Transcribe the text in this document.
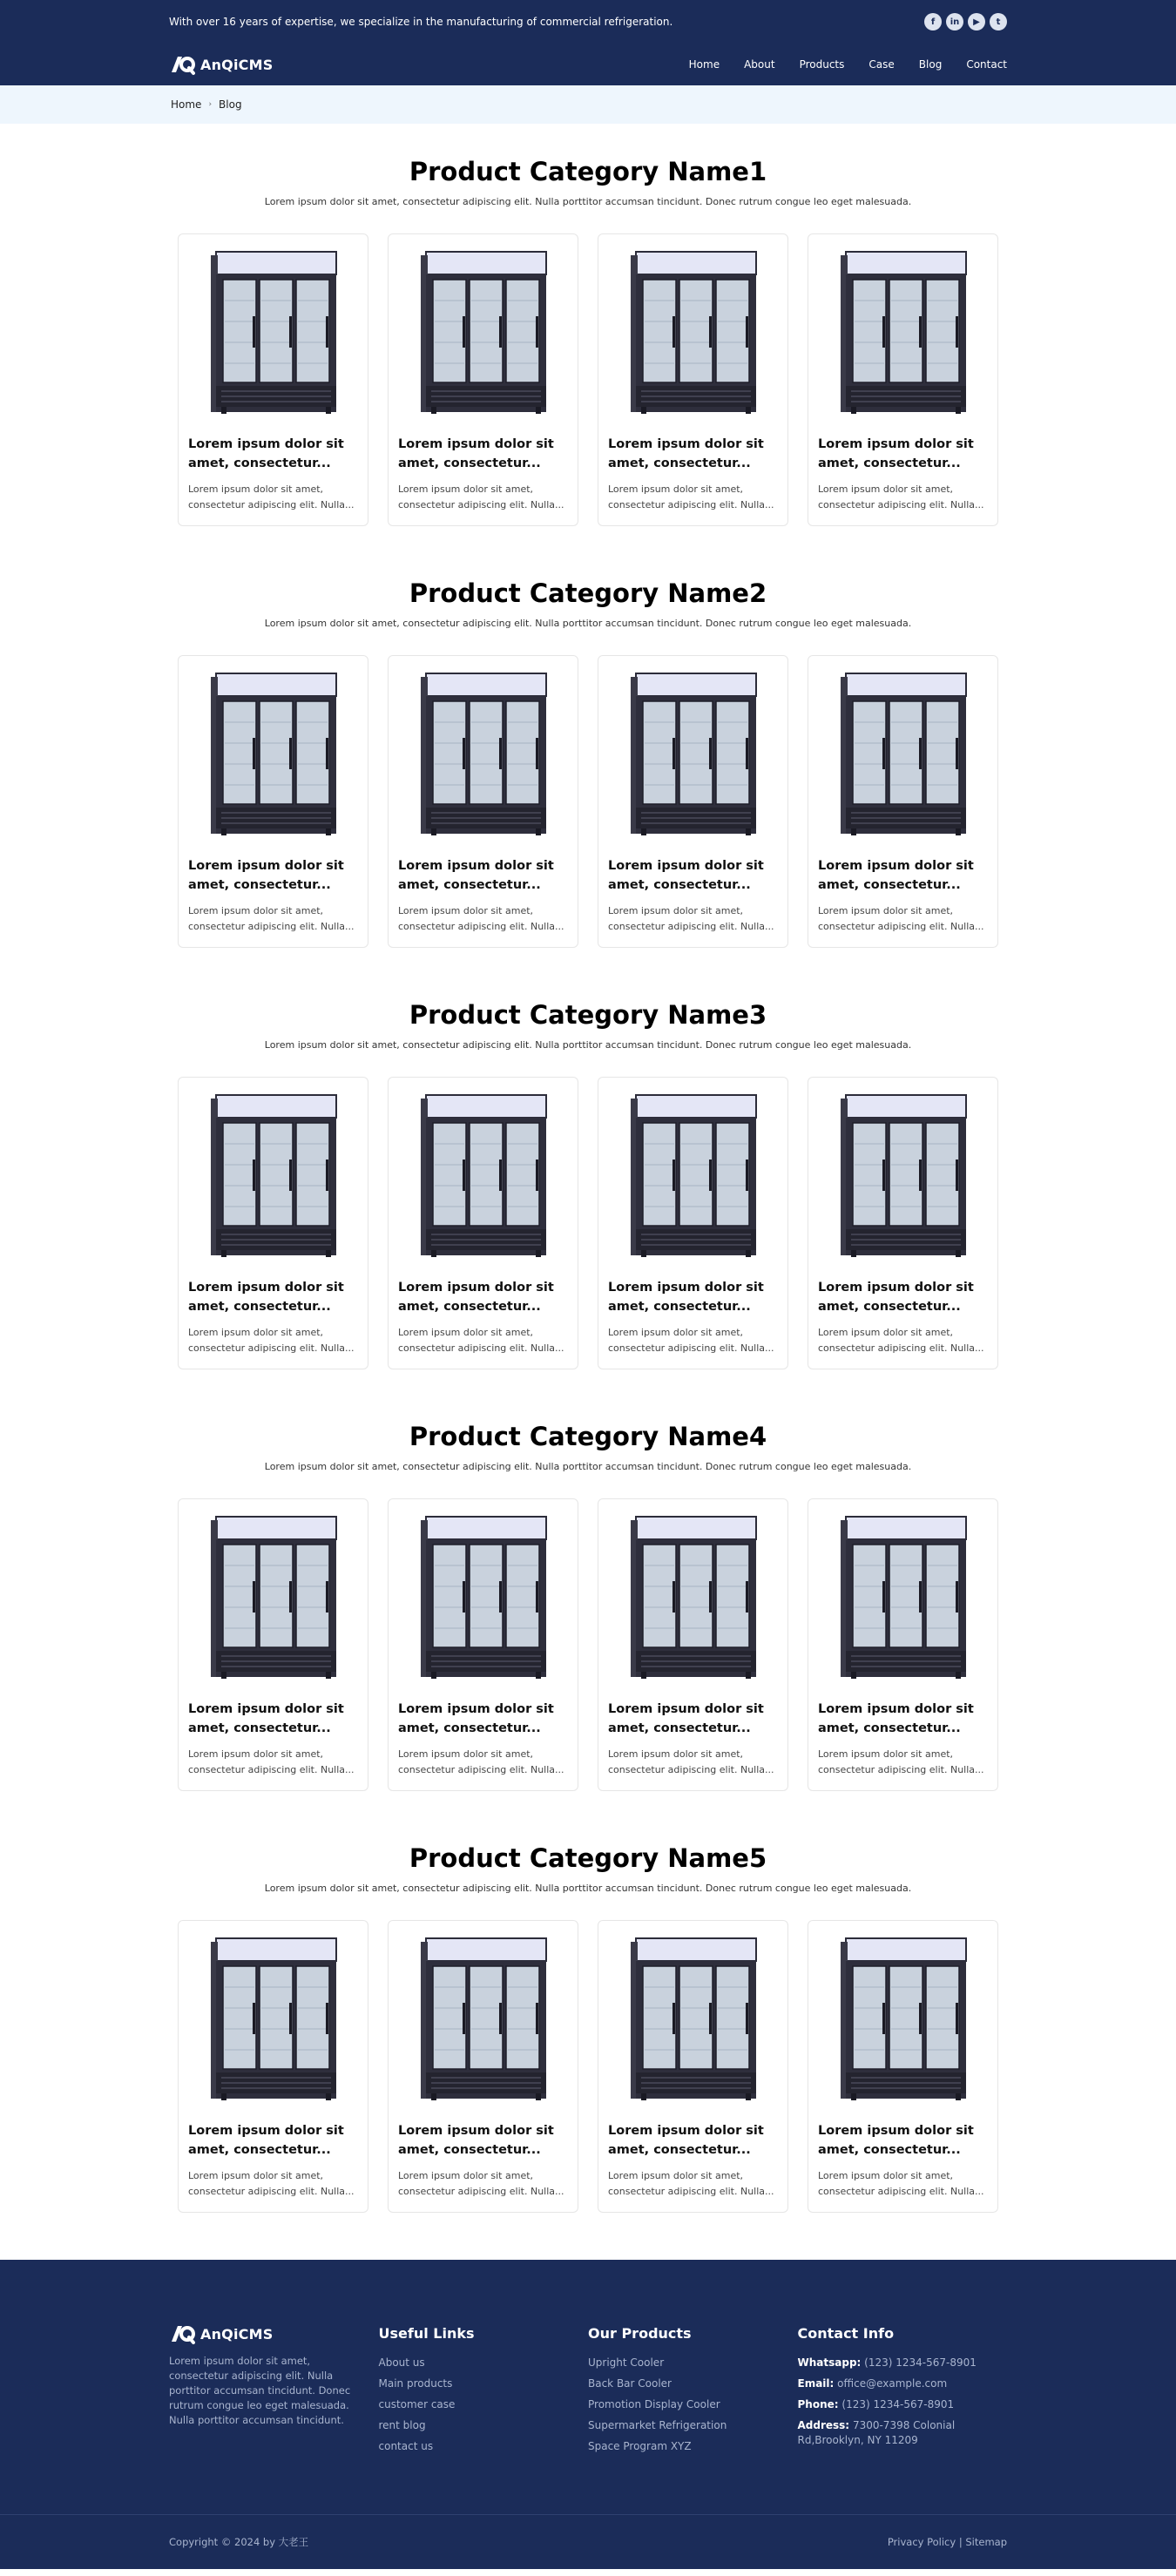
With over 16 years of expertise, we specialize in the manufacturing of commercial refrigeration.	f	in	▶	t
AnQiCMS	Home About Products Case Blog Contact
Home › Blog
Product Category Name1

Lorem ipsum dolor sit amet, consectetur adipiscing elit. Nulla porttitor accumsan tincidunt. Donec rutrum congue leo eget malesuada.

Lorem ipsum dolor sit amet, consectetur...

Lorem ipsum dolor sit amet, consectetur adipiscing elit. Nulla...

Lorem ipsum dolor sit amet, consectetur...

Lorem ipsum dolor sit amet, consectetur adipiscing elit. Nulla...

Lorem ipsum dolor sit amet, consectetur...

Lorem ipsum dolor sit amet, consectetur adipiscing elit. Nulla...

Lorem ipsum dolor sit amet, consectetur...

Lorem ipsum dolor sit amet, consectetur adipiscing elit. Nulla...

Product Category Name2

Lorem ipsum dolor sit amet, consectetur adipiscing elit. Nulla porttitor accumsan tincidunt. Donec rutrum congue leo eget malesuada.

Lorem ipsum dolor sit amet, consectetur...

Lorem ipsum dolor sit amet, consectetur adipiscing elit. Nulla...

Lorem ipsum dolor sit amet, consectetur...

Lorem ipsum dolor sit amet, consectetur adipiscing elit. Nulla...

Lorem ipsum dolor sit amet, consectetur...

Lorem ipsum dolor sit amet, consectetur adipiscing elit. Nulla...

Lorem ipsum dolor sit amet, consectetur...

Lorem ipsum dolor sit amet, consectetur adipiscing elit. Nulla...

Product Category Name3

Lorem ipsum dolor sit amet, consectetur adipiscing elit. Nulla porttitor accumsan tincidunt. Donec rutrum congue leo eget malesuada.

Lorem ipsum dolor sit amet, consectetur...

Lorem ipsum dolor sit amet, consectetur adipiscing elit. Nulla...

Lorem ipsum dolor sit amet, consectetur...

Lorem ipsum dolor sit amet, consectetur adipiscing elit. Nulla...

Lorem ipsum dolor sit amet, consectetur...

Lorem ipsum dolor sit amet, consectetur adipiscing elit. Nulla...

Lorem ipsum dolor sit amet, consectetur...

Lorem ipsum dolor sit amet, consectetur adipiscing elit. Nulla...

Product Category Name4

Lorem ipsum dolor sit amet, consectetur adipiscing elit. Nulla porttitor accumsan tincidunt. Donec rutrum congue leo eget malesuada.

Lorem ipsum dolor sit amet, consectetur...

Lorem ipsum dolor sit amet, consectetur adipiscing elit. Nulla...

Lorem ipsum dolor sit amet, consectetur...

Lorem ipsum dolor sit amet, consectetur adipiscing elit. Nulla...

Lorem ipsum dolor sit amet, consectetur...

Lorem ipsum dolor sit amet, consectetur adipiscing elit. Nulla...

Lorem ipsum dolor sit amet, consectetur...

Lorem ipsum dolor sit amet, consectetur adipiscing elit. Nulla...

Product Category Name5

Lorem ipsum dolor sit amet, consectetur adipiscing elit. Nulla porttitor accumsan tincidunt. Donec rutrum congue leo eget malesuada.

Lorem ipsum dolor sit amet, consectetur...

Lorem ipsum dolor sit amet, consectetur adipiscing elit. Nulla...

Lorem ipsum dolor sit amet, consectetur...

Lorem ipsum dolor sit amet, consectetur adipiscing elit. Nulla...

Lorem ipsum dolor sit amet, consectetur...

Lorem ipsum dolor sit amet, consectetur adipiscing elit. Nulla...

Lorem ipsum dolor sit amet, consectetur...

Lorem ipsum dolor sit amet, consectetur adipiscing elit. Nulla...

AnQiCMS

Lorem ipsum dolor sit amet, consectetur adipiscing elit. Nulla porttitor accumsan tincidunt. Donec rutrum congue leo eget malesuada. Nulla porttitor accumsan tincidunt.

Useful Links
About us
Main products
customer case
rent blog
contact us
Our Products
Upright Cooler
Back Bar Cooler
Promotion Display Cooler
Supermarket Refrigeration
Space Program XYZ
Contact Info
Whatsapp: (123) 1234-567-8901
Email: office@example.com
Phone: (123) 1234-567-8901
Address: 7300-7398 Colonial Rd,Brooklyn, NY 11209
Copyright © 2024 by 大老王	Privacy Policy | Sitemap
